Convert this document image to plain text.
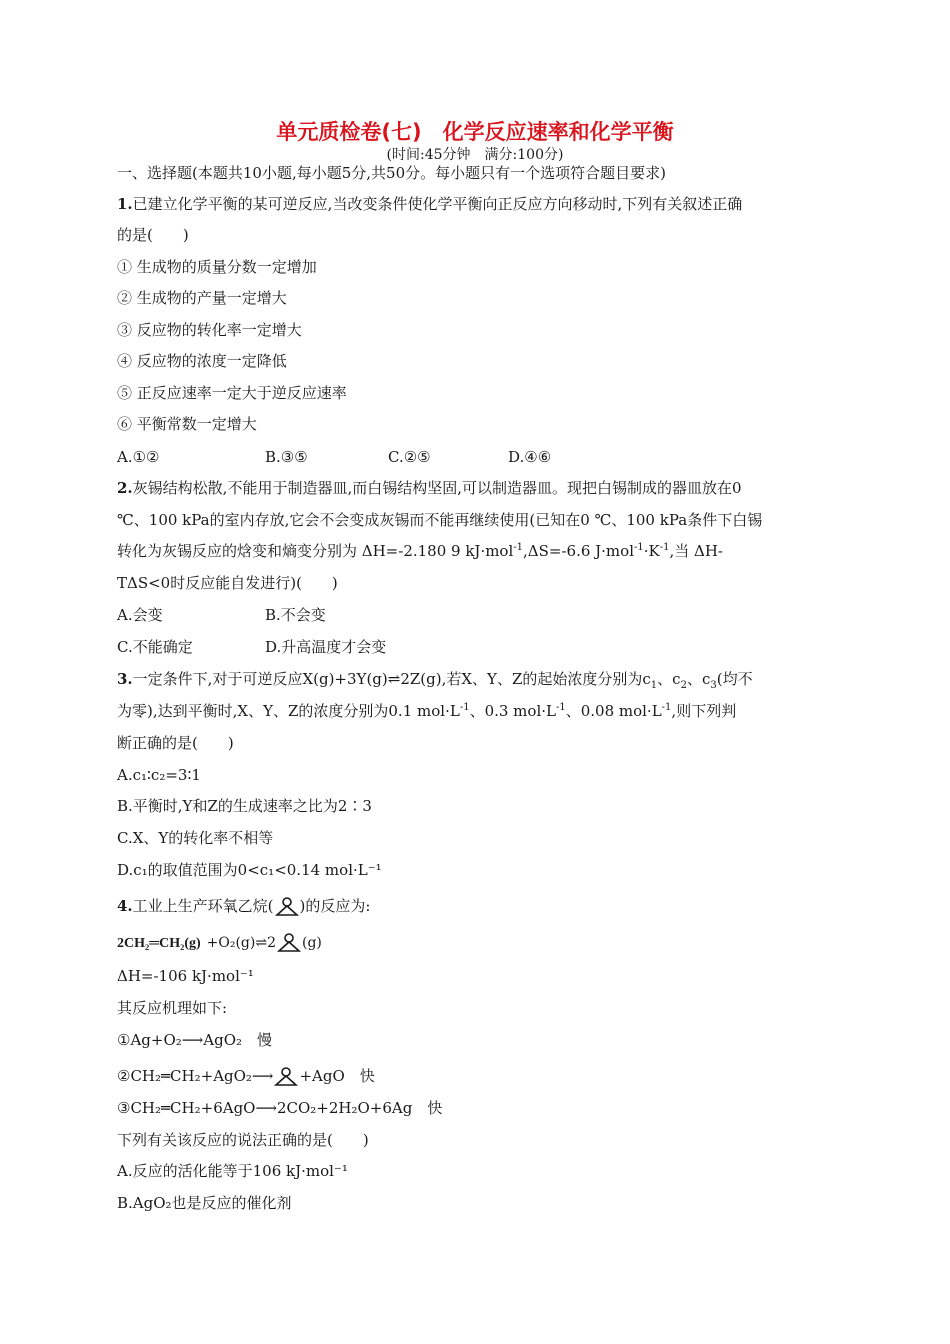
单元质检卷(七)　化学反应速率和化学平衡
(时间:45分钟　满分:100分)
一、选择题(本题共10小题,每小题5分,共50分。每小题只有一个选项符合题目要求)
1.已建立化学平衡的某可逆反应,当改变条件使化学平衡向正反应方向移动时,下列有关叙述正确
的是(　　)
① 生成物的质量分数一定增加
② 生成物的产量一定增大
③ 反应物的转化率一定增大
④ 反应物的浓度一定降低
⑤ 正反应速率一定大于逆反应速率
⑥ 平衡常数一定增大
A.①②	B.③⑤	C.②⑤	D.④⑥
2.灰锡结构松散,不能用于制造器皿,而白锡结构坚固,可以制造器皿。现把白锡制成的器皿放在0
℃、100 kPa的室内存放,它会不会变成灰锡而不能再继续使用(已知在0 ℃、100 kPa条件下白锡
转化为灰锡反应的焓变和熵变分别为 ΔH=-2.180 9 kJ·mol$^{-1}$,ΔS=-6.6 $J\cdot mol^{-1}\cdot K^{-1}$,当 ΔH-
TΔS<0时反应能自发进行)(　　)
A.会变	B.不会变
C.不能确定	D.升高温度才会变
3.一定条件下,对于可逆反应X(g)+3Y(g)⇌2Z(g),若X、Y、Z的起始浓度分别为$c_1$、$c_2$、$c_3$(均不
为零),达到平衡时,X、Y、Z的浓度分别为0.1 $mol\cdot L^{-1}$、0.3 $mol\cdot L^{-1}$、0.08 $mol\cdot L^{-1}$,则下列判
断正确的是(　　)
A.c₁∶c₂=3∶1
B.平衡时,Y和Z的生成速率之比为2∶3
C.X、Y的转化率不相等
D.c₁的取值范围为0<c₁<0.14 mol·L⁻¹
4.工业上生产环氧乙烷( )的反应为:
2CH₂═CH₂(g) +O₂(g)⇌2 (g)
ΔH=-106 kJ·mol⁻¹
其反应机理如下:
①Ag+O₂⟶AgO₂　慢
②CH₂═CH₂+AgO₂⟶ +AgO　快
③CH₂═CH₂+6AgO⟶2CO₂+2H₂O+6Ag　快
下列有关该反应的说法正确的是(　　)
A.反应的活化能等于106 kJ·mol⁻¹
B.AgO₂也是反应的催化剂
